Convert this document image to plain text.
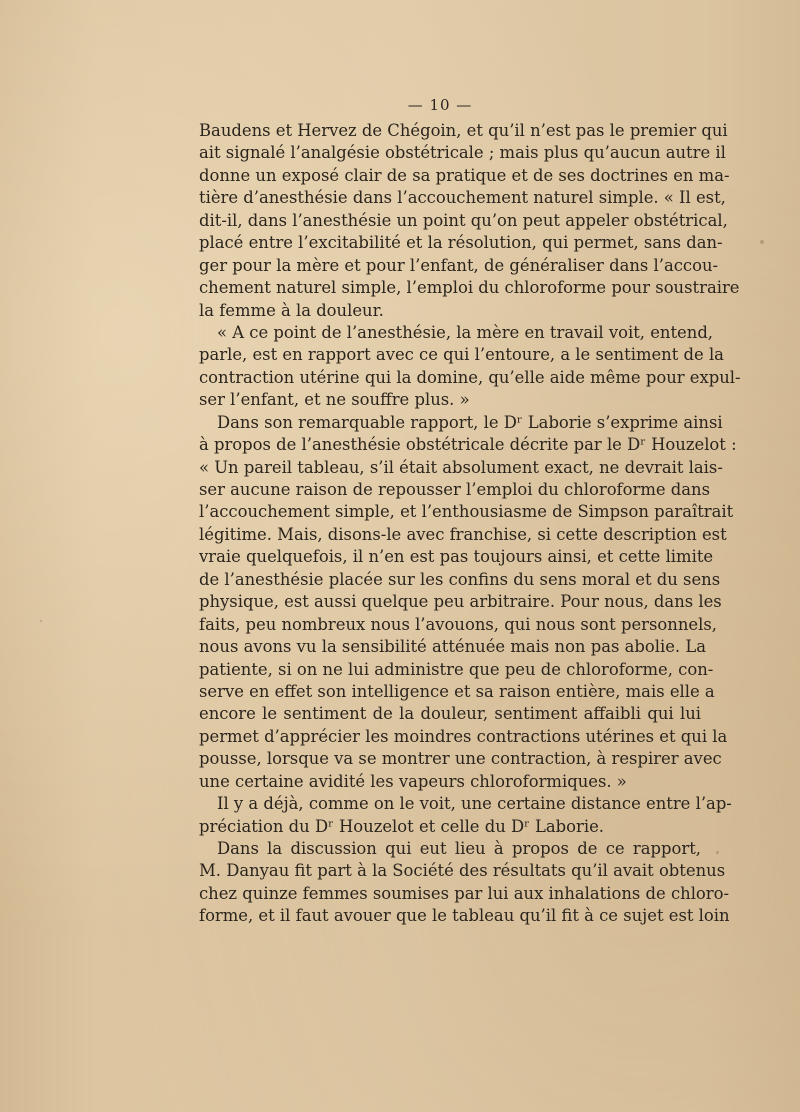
— 10 —
Baudens et Hervez de Chégoin, et qu’il n’est pas le premier qui
ait signalé l’analgésie obstétricale ; mais plus qu’aucun autre il
donne un exposé clair de sa pratique et de ses doctrines en ma-
tière d’anesthésie dans l’accouchement naturel simple. « Il est,
dit-il, dans l’anesthésie un point qu’on peut appeler obstétrical,
placé entre l’excitabilité et la résolution, qui permet, sans dan-
ger pour la mère et pour l’enfant, de généraliser dans l’accou-
chement naturel simple, l’emploi du chloroforme pour soustraire
la femme à la douleur.
« A ce point de l’anesthésie, la mère en travail voit, entend,
parle, est en rapport avec ce qui l’entoure, a le sentiment de la
contraction utérine qui la domine, qu’elle aide même pour expul-
ser l’enfant, et ne souffre plus. »
Dans son remarquable rapport, le Dʳ Laborie s’exprime ainsi
à propos de l’anesthésie obstétricale décrite par le Dʳ Houzelot :
« Un pareil tableau, s’il était absolument exact, ne devrait lais-
ser aucune raison de repousser l’emploi du chloroforme dans
l’accouchement simple, et l’enthousiasme de Simpson paraîtrait
légitime. Mais, disons-le avec franchise, si cette description est
vraie quelquefois, il n’en est pas toujours ainsi, et cette limite
de l’anesthésie placée sur les confins du sens moral et du sens
physique, est aussi quelque peu arbitraire. Pour nous, dans les
faits, peu nombreux nous l’avouons, qui nous sont personnels,
nous avons vu la sensibilité atténuée mais non pas abolie. La
patiente, si on ne lui administre que peu de chloroforme, con-
serve en effet son intelligence et sa raison entière, mais elle a
encore le sentiment de la douleur, sentiment affaibli qui lui
permet d’apprécier les moindres contractions utérines et qui la
pousse, lorsque va se montrer une contraction, à respirer avec
une certaine avidité les vapeurs chloroformiques. »
Il y a déjà, comme on le voit, une certaine distance entre l’ap-
préciation du Dʳ Houzelot et celle du Dʳ Laborie.
Dans la discussion qui eut lieu à propos de ce rapport,
M. Danyau fit part à la Société des résultats qu’il avait obtenus
chez quinze femmes soumises par lui aux inhalations de chloro-
forme, et il faut avouer que le tableau qu’il fit à ce sujet est loin
